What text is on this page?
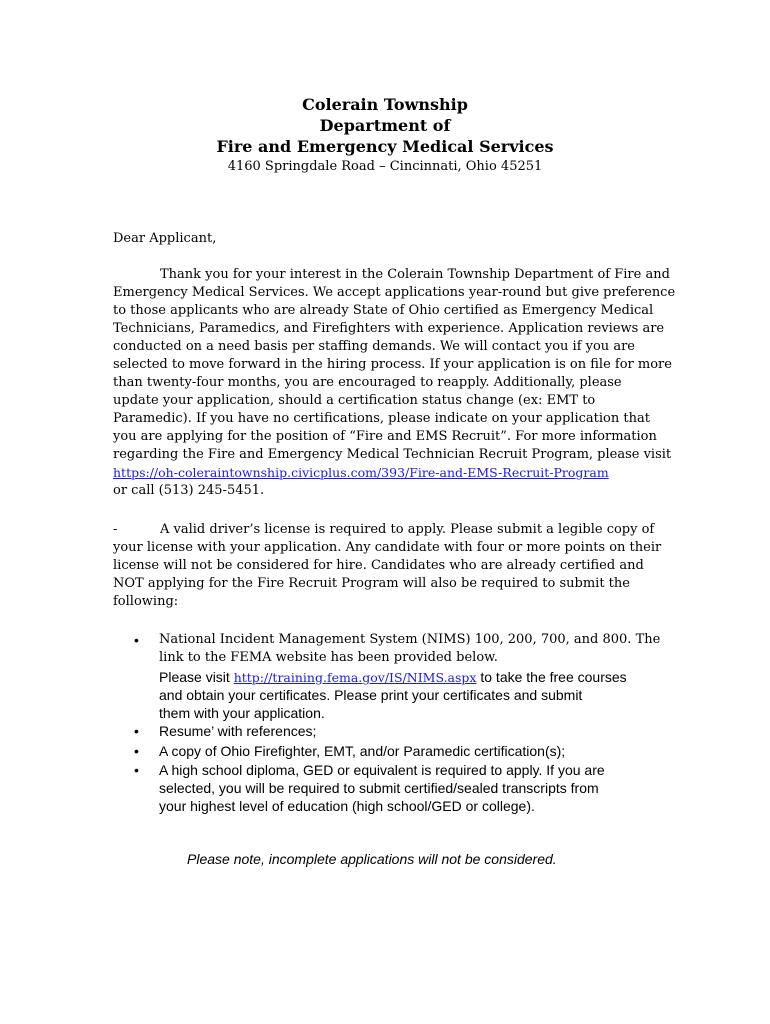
Colerain Township
Department of
Fire and Emergency Medical Services
4160 Springdale Road – Cincinnati, Ohio 45251
Dear Applicant,
Thank you for your interest in the Colerain Township Department of Fire and
Emergency Medical Services. We accept applications year-round but give preference
to those applicants who are already State of Ohio certified as Emergency Medical
Technicians, Paramedics, and Firefighters with experience. Application reviews are
conducted on a need basis per staffing demands. We will contact you if you are
selected to move forward in the hiring process. If your application is on file for more
than twenty-four months, you are encouraged to reapply. Additionally, please
update your application, should a certification status change (ex: EMT to
Paramedic). If you have no certifications, please indicate on your application that
you are applying for the position of “Fire and EMS Recruit”. For more information
regarding the Fire and Emergency Medical Technician Recruit Program, please visit
https://oh-coleraintownship.civicplus.com/393/Fire-and-EMS-Recruit-Program
or call (513) 245-5451.
-	A valid driver’s license is required to apply. Please submit a legible copy of
your license with your application. Any candidate with four or more points on their
license will not be considered for hire. Candidates who are already certified and
NOT applying for the Fire Recruit Program will also be required to submit the
following:
• National Incident Management System (NIMS) 100, 200, 700, and 800. The
link to the FEMA website has been provided below.
Please visit http://training.fema.gov/IS/NIMS.aspx to take the free courses
and obtain your certificates. Please print your certificates and submit
them with your application.
• Resume’ with references;
• A copy of Ohio Firefighter, EMT, and/or Paramedic certification(s);
• A high school diploma, GED or equivalent is required to apply. If you are
selected, you will be required to submit certified/sealed transcripts from
your highest level of education (high school/GED or college).
Please note, incomplete applications will not be considered.
